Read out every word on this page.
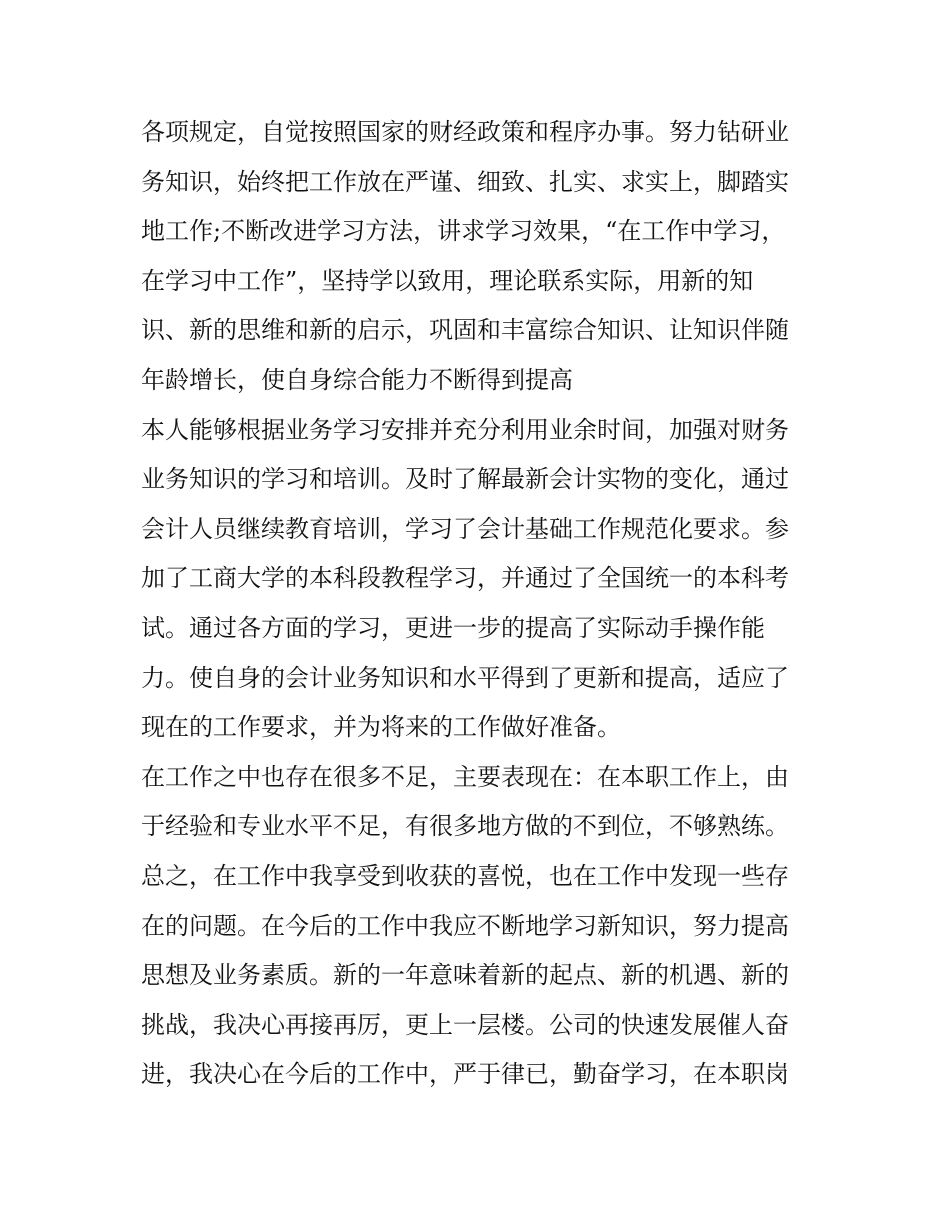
各项规定，自觉按照国家的财经政策和程序办事。努力钻研业
务知识，始终把工作放在严谨、细致、扎实、求实上，脚踏实
地工作;不断改进学习方法，讲求学习效果，“在工作中学习，
在学习中工作”，坚持学以致用，理论联系实际，用新的知
识、新的思维和新的启示，巩固和丰富综合知识、让知识伴随
年龄增长，使自身综合能力不断得到提高
本人能够根据业务学习安排并充分利用业余时间，加强对财务
业务知识的学习和培训。及时了解最新会计实物的变化，通过
会计人员继续教育培训，学习了会计基础工作规范化要求。参
加了工商大学的本科段教程学习，并通过了全国统一的本科考
试。通过各方面的学习，更进一步的提高了实际动手操作能
力。使自身的会计业务知识和水平得到了更新和提高，适应了
现在的工作要求，并为将来的工作做好准备。
在工作之中也存在很多不足，主要表现在：在本职工作上，由
于经验和专业水平不足，有很多地方做的不到位，不够熟练。
总之，在工作中我享受到收获的喜悦，也在工作中发现一些存
在的问题。在今后的工作中我应不断地学习新知识，努力提高
思想及业务素质。新的一年意味着新的起点、新的机遇、新的
挑战，我决心再接再厉，更上一层楼。公司的快速发展催人奋
进，我决心在今后的工作中，严于律已，勤奋学习，在本职岗
